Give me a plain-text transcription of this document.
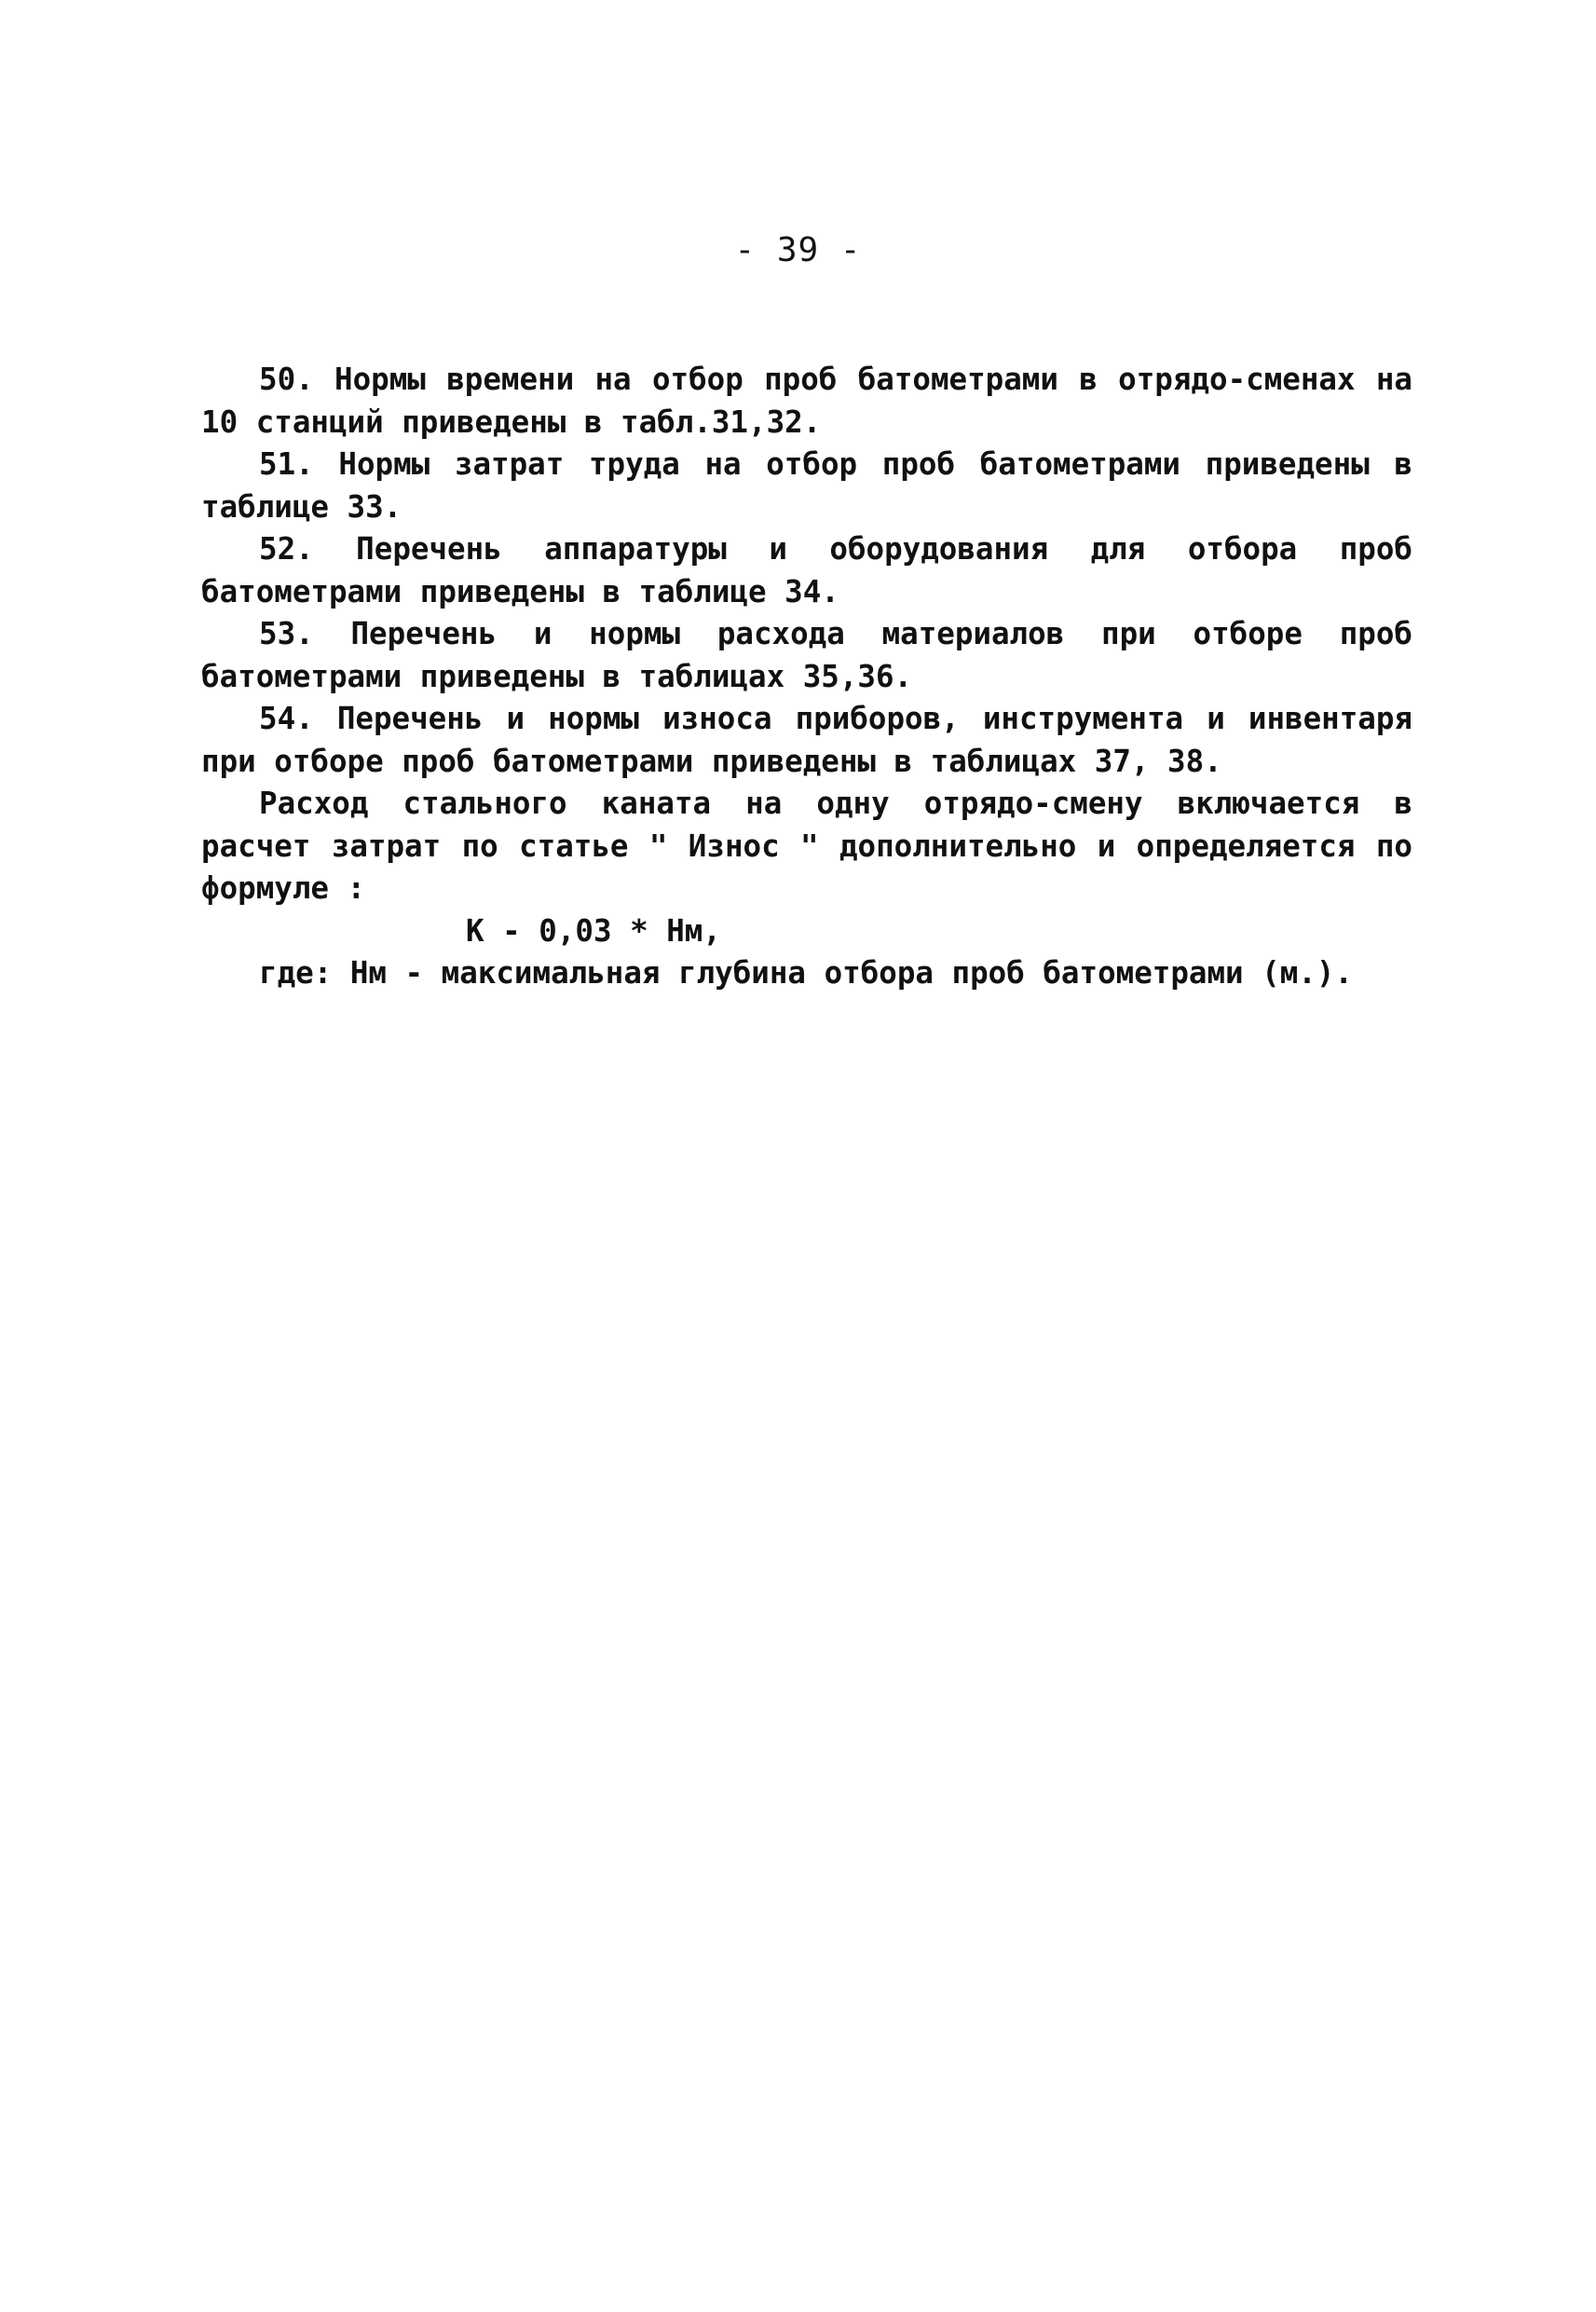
- 39 -

50. Нормы времени на отбор проб батометрами в отрядо-сменах на 10 станций приведены в табл.31,32.

51. Нормы затрат труда на отбор проб батометрами приведены в таблице 33.

52. Перечень аппаратуры и оборудования для отбора проб батометрами приведены в таблице 34.

53. Перечень и нормы расхода материалов при отборе проб батометрами приведены в таблицах 35,36.

54. Перечень и нормы износа приборов, инструмента и инвентаря при отборе проб батометрами приведены в таблицах 37, 38.

Расход стального каната на одну отрядо-смену включается в расчет затрат по статье " Износ " дополнительно и определяется по формуле :

K - 0,03 * Нм,

где: Нм - максимальная глубина отбора проб батометрами (м.).
